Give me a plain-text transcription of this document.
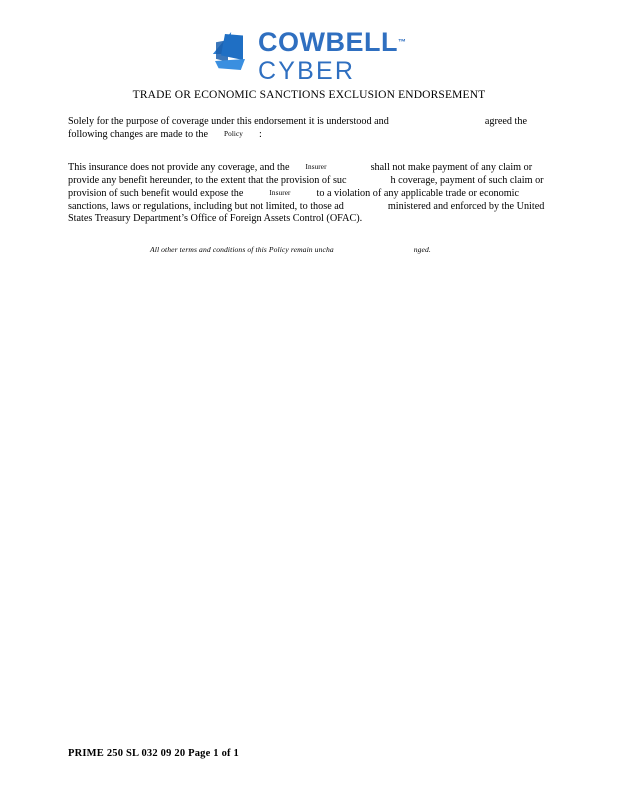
COWBELL™
CYBER
TRADE OR ECONOMIC SANCTIONS EXCLUSION ENDORSEMENT
Solely for the purpose of coverage under this endorsement it is understood and	agreed the following changes are made to the Policy :
This insurance does not provide any coverage, and the Insurer	shall not make payment of any claim or provide any benefit hereunder, to the extent that the provision of suc	h coverage, payment of such claim or provision of such benefit would expose the	Insurer	to a violation of any applicable trade or economic sanctions, laws or regulations, including but not limited, to those ad	ministered and enforced by the United States Treasury Department’s Office of Foreign Assets Control (OFAC).
All other terms and conditions of this Policy remain uncha	nged.
PRIME 250 SL 032 09 20 Page 1 of 1
